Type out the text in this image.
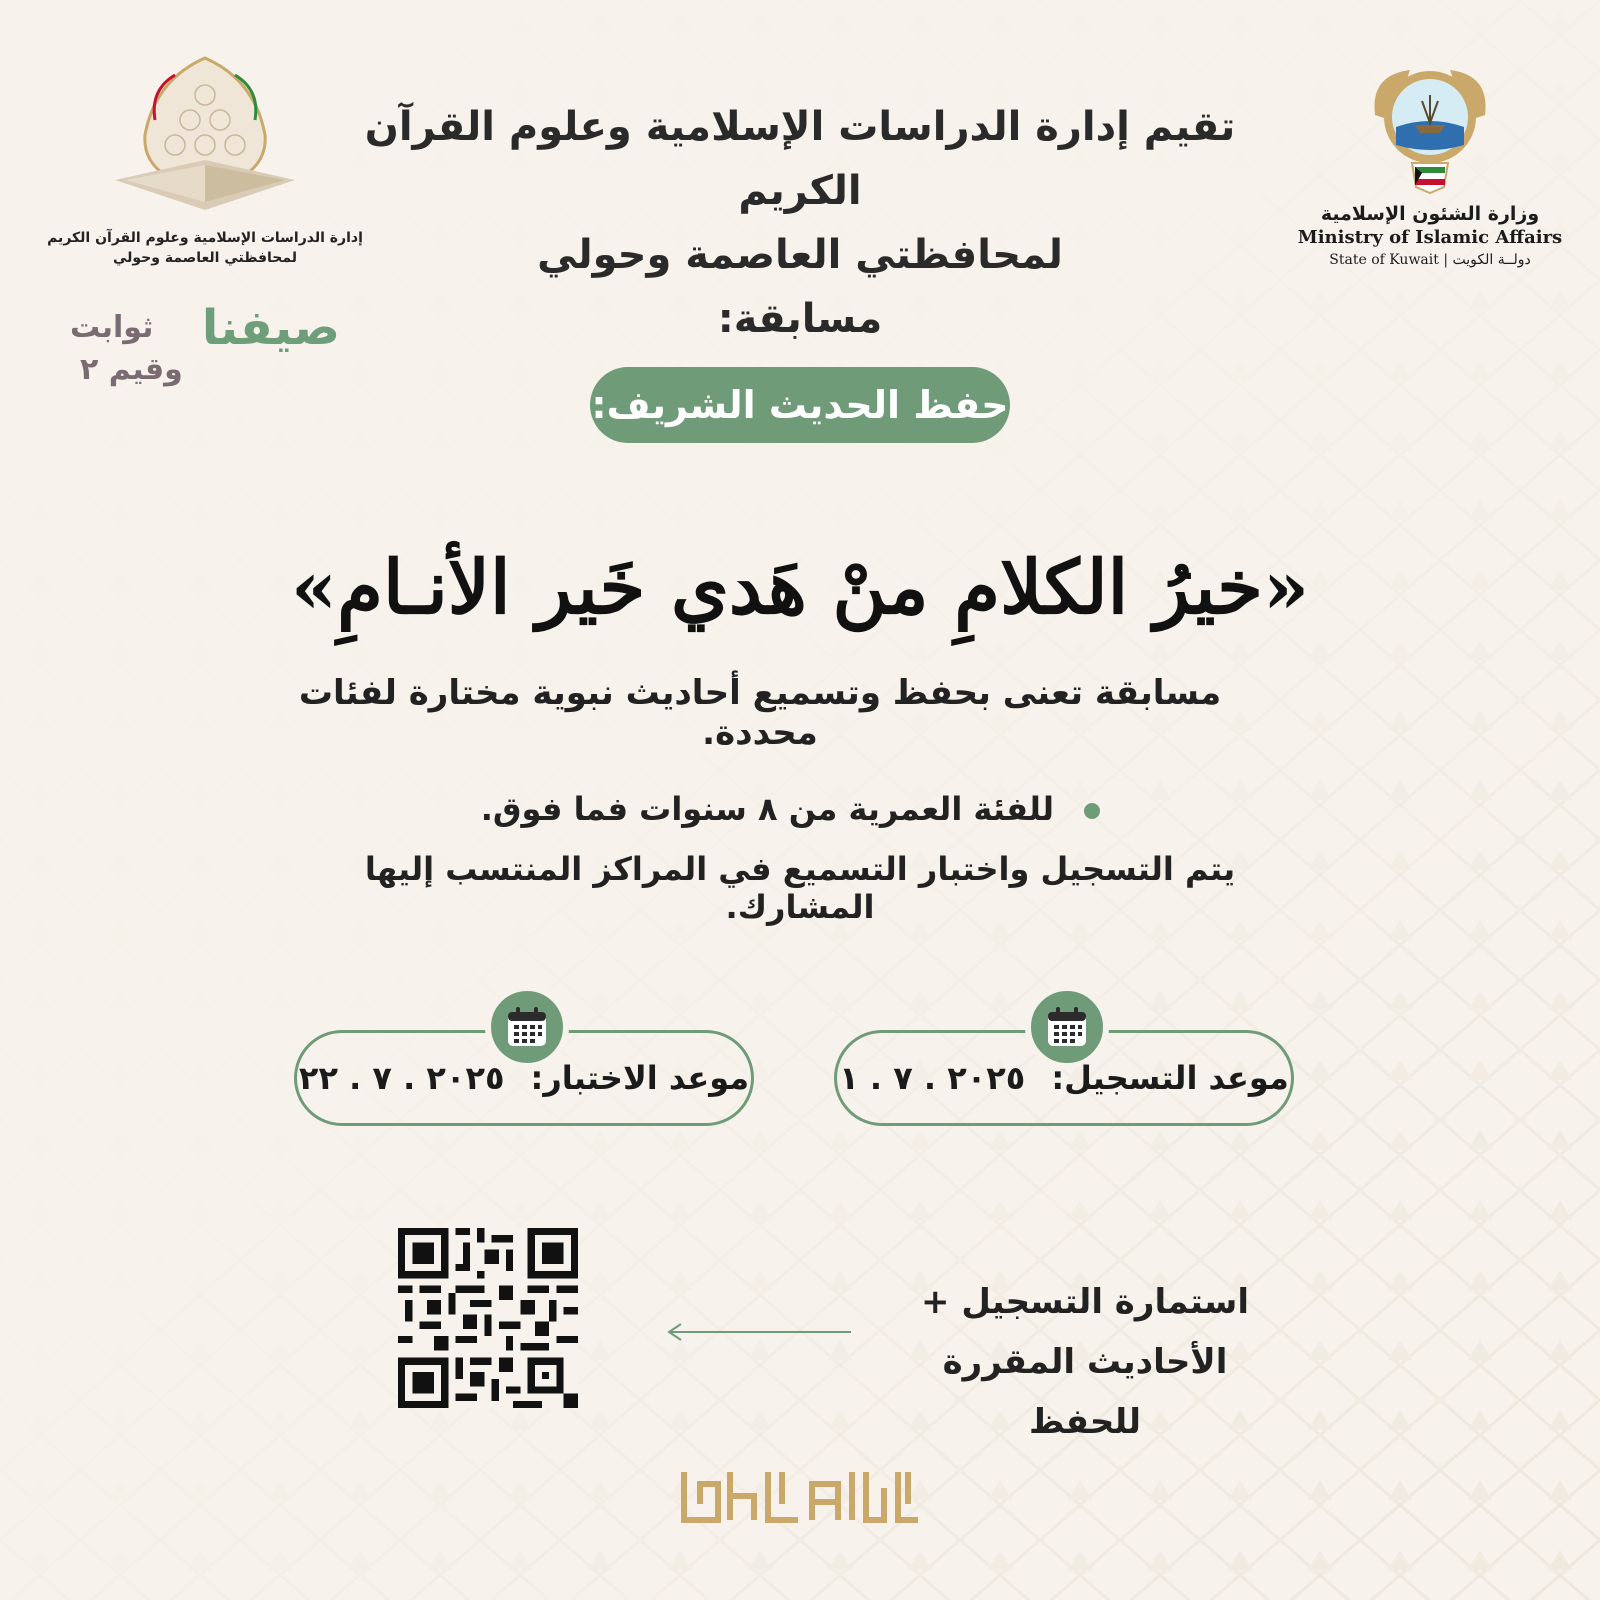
وزارة الشئون الإسلامية
Ministry of Islamic Affairs
State of Kuwait | دولــة الكويت
إدارة الدراسات الإسلامية وعلوم القرآن الكريم
لمحافظتي العاصمة وحولي
تقيم إدارة الدراسات الإسلامية وعلوم القرآن الكريم
لمحافظتي العاصمة وحولي
مسابقة:
صيفنا
ثوابت
وقيم ٢
حفظ الحديث الشريف:
«خيرُ الكلامِ منْ هَدي خَير الأنـامِ»
مسابقة تعنى بحفظ وتسميع أحاديث نبوية مختارة لفئات محددة.
للفئة العمرية من ٨ سنوات فما فوق.
يتم التسجيل واختبار التسميع في المراكز المنتسب إليها المشارك.
موعد التسجيل:
٢٠٢٥ . ٧ . ١
موعد الاختبار:
٢٠٢٥ . ٧ . ٢٢
استمارة التسجيل +
الأحاديث المقررة للحفظ
